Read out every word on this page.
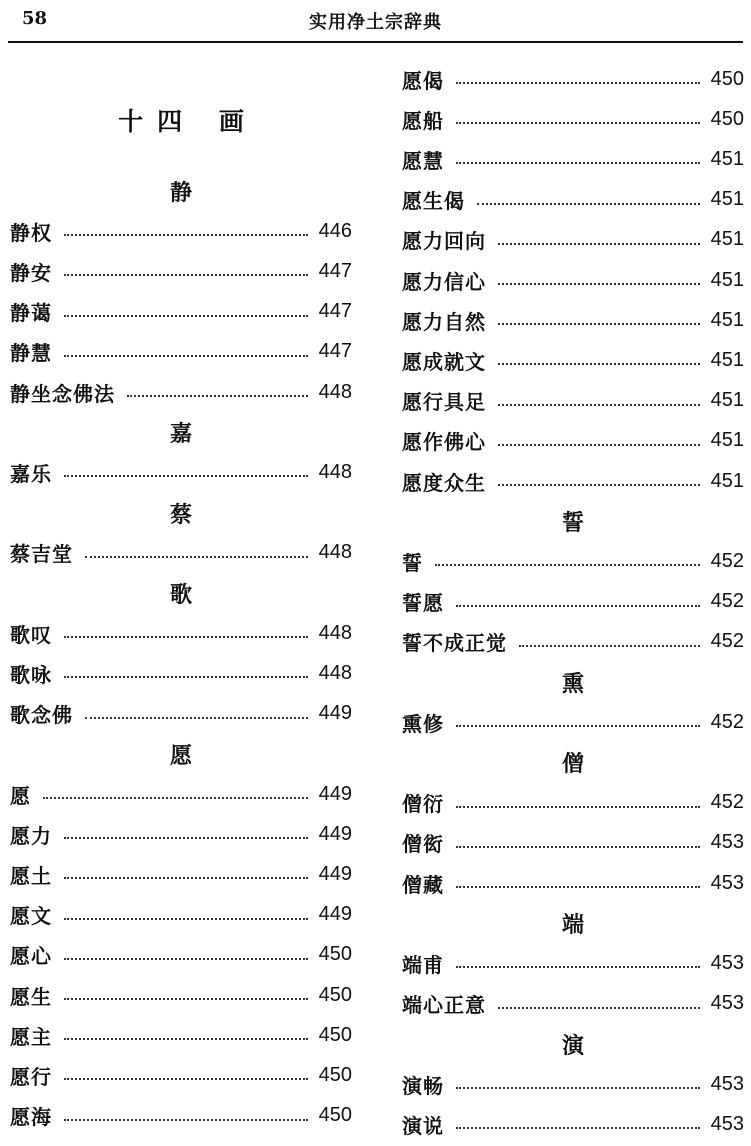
58	实用净土宗辞典
十四 画
静
静权	446
静安	447
静蔼	447
静慧	447
静坐念佛法	448
嘉
嘉乐	448
蔡
蔡吉堂	448
歌
歌叹	448
歌咏	448
歌念佛	449
愿
愿	449
愿力	449
愿土	449
愿文	449
愿心	450
愿生	450
愿主	450
愿行	450
愿海	450
愿偈	450
愿船	450
愿慧	451
愿生偈	451
愿力回向	451
愿力信心	451
愿力自然	451
愿成就文	451
愿行具足	451
愿作佛心	451
愿度众生	451
誓
誓	452
誓愿	452
誓不成正觉	452
熏
熏修	452
僧
僧衍	452
僧衒	453
僧藏	453
端
端甫	453
端心正意	453
演
演畅	453
演说	453
